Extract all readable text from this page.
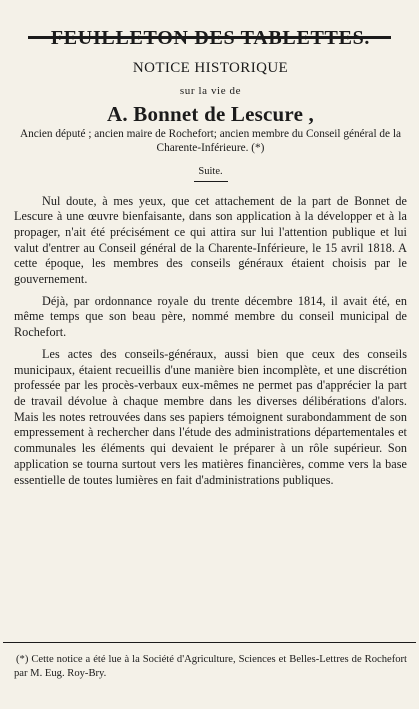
FEUILLETON DES TABLETTES.
NOTICE HISTORIQUE
sur la vie de
A. Bonnet de Lescure ,
Ancien député ; ancien maire de Rochefort; ancien membre du Conseil général de la Charente-Inférieure. (*)
Suite.

Nul doute, à mes yeux, que cet attachement de la part de Bonnet de Lescure à une œuvre bienfaisante, dans son application à la développer et à la propager, n'ait été précisément ce qui attira sur lui l'attention publique et lui valut d'entrer au Conseil général de la Charente-Inférieure, le 15 avril 1818. A cette époque, les membres des conseils généraux étaient choisis par le gouvernement.

Déjà, par ordonnance royale du trente décembre 1814, il avait été, en même temps que son beau père, nommé membre du conseil municipal de Rochefort.

Les actes des conseils-généraux, aussi bien que ceux des conseils municipaux, étaient recueillis d'une manière bien incomplète, et une discrétion professée par les procès-verbaux eux-mêmes ne permet pas d'apprécier la part de travail dévolue à chaque membre dans les diverses délibérations d'alors. Mais les notes retrouvées dans ses papiers témoignent surabondamment de son empressement à rechercher dans l'étude des administrations départementales et communales les éléments qui devaient le préparer à un rôle supérieur. Son application se tourna surtout vers les matières financières, comme vers la base essentielle de toutes lumières en fait d'administrations publiques.

(*) Cette notice a été lue à la Société d'Agriculture, Sciences et Belles-Lettres de Rochefort par M. Eug. Roy-Bry.
